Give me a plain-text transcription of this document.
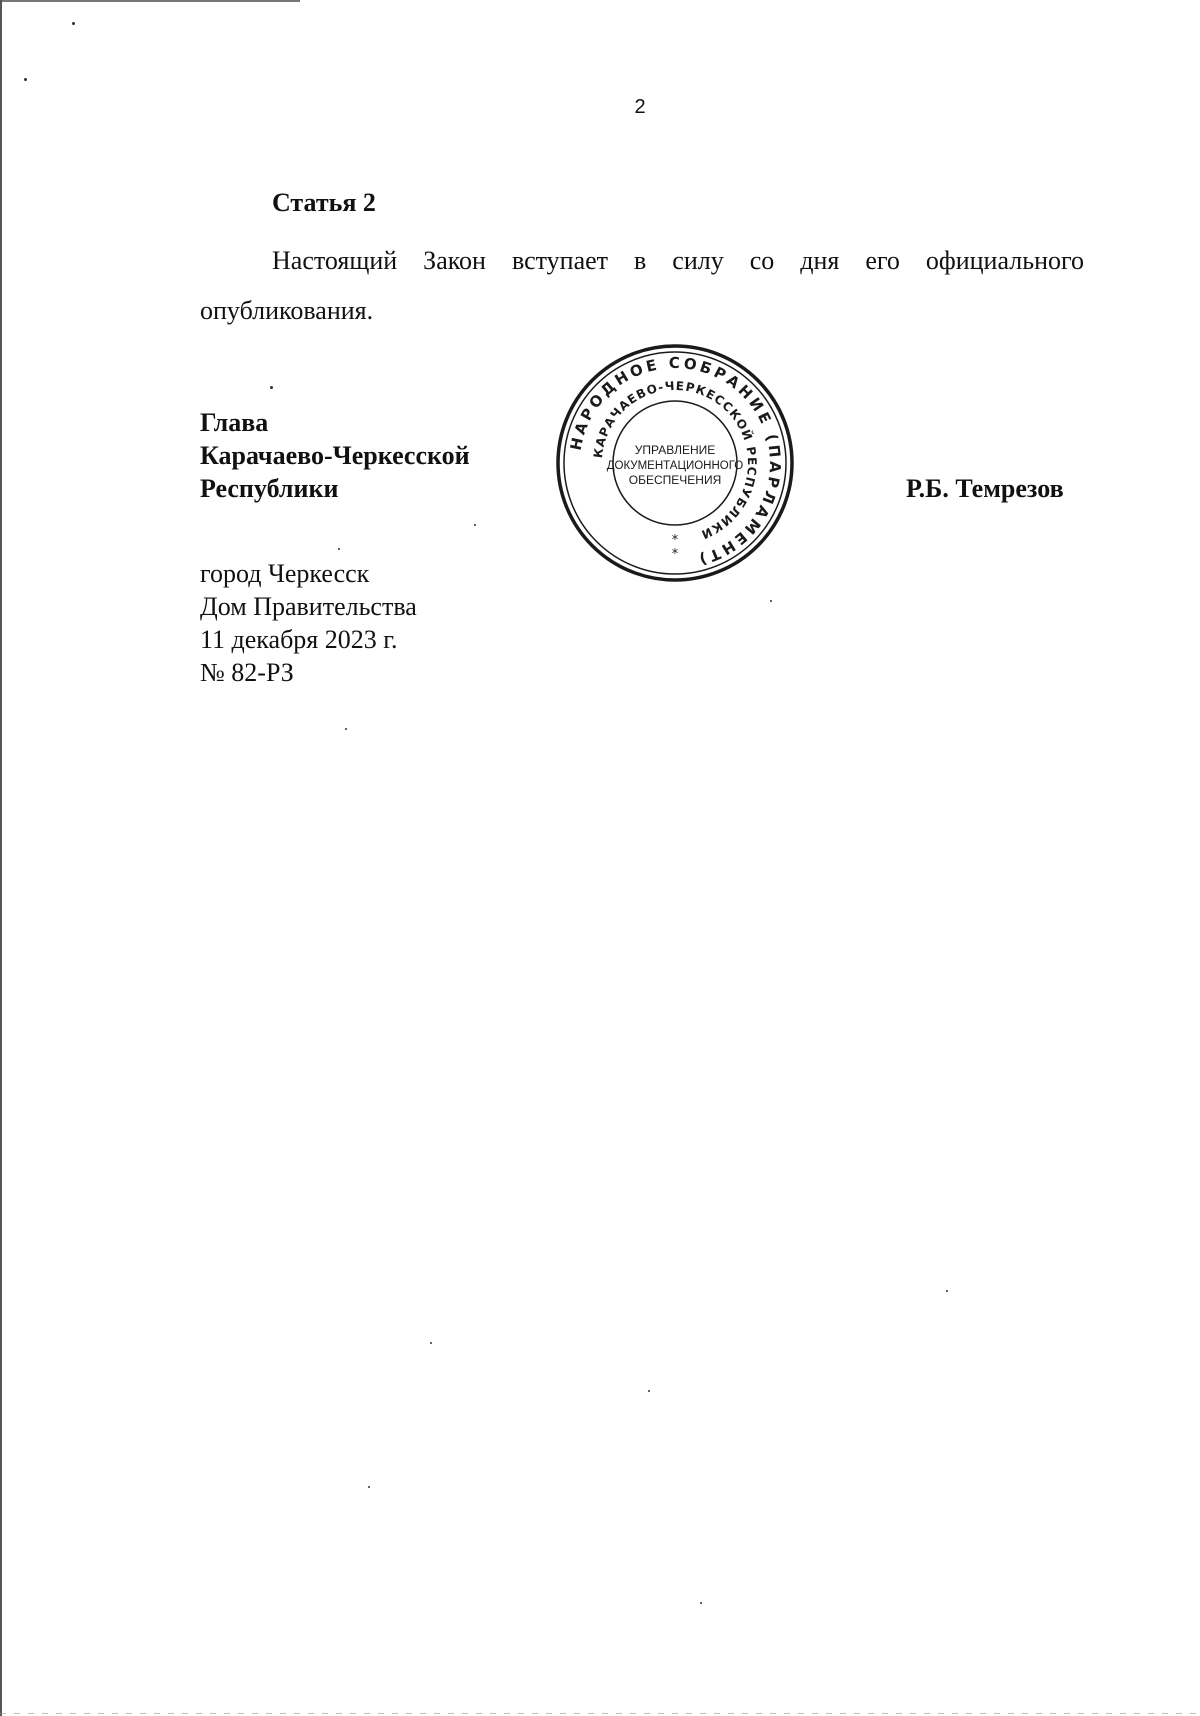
2
Статья 2

Настоящий Закон вступает в силу со дня его официального опубликования.

Глава
Карачаево-Черкесской
Республики	Р.Б. Темрезов
НАРОДНОЕ СОБРАНИЕ (ПАРЛАМЕНТ)
КАРАЧАЕВО-ЧЕРКЕССКОЙ РЕСПУБЛИКИ
УПРАВЛЕНИЕ
ДОКУМЕНТАЦИОННОГО
ОБЕСПЕЧЕНИЯ
*
*
город Черкесск
Дом Правительства
11 декабря 2023 г.
№ 82-РЗ
